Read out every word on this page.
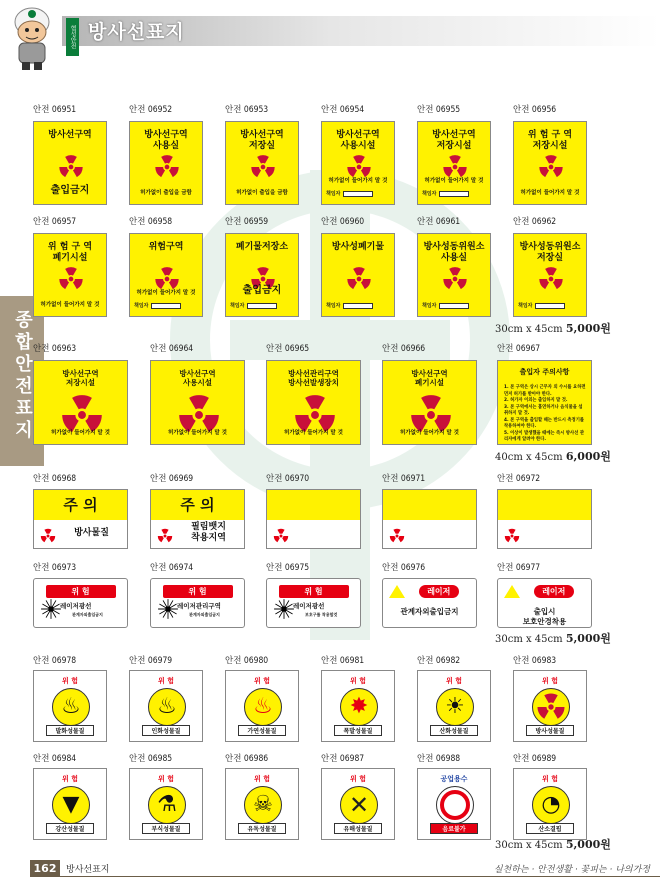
협성안전 방사선표지
종합안전표지
안전 06951
방사선구역
출입금지
안전 06952
방사선구역
사용실
허가없이 출입을 금함
안전 06953
방사선구역
저장실
허가없이 출입을 금함
안전 06954
방사선구역
사용시설
허가없이 들어가지 말 것
책임자
안전 06955
방사선구역
저장시설
허가없이 들어가지 말 것
책임자
안전 06956
위 험 구 역
저장시설
허가없이 들어가지 말 것
안전 06957
위 험 구 역
폐기시설
허가없이 들어가지 말 것
안전 06958
위험구역
허가없이 들어가지 말 것
책임자
안전 06959
폐기물저장소
출입금지
책임자
안전 06960
방사성폐기물
책임자
안전 06961
방사성동위원소
사용실
책임자
안전 06962
방사성동위원소
저장실
책임자
30cm x 45cm 5,000원
안전 06963
방사선구역
저장시설
허가없이 들어가지 말 것
안전 06964
방사선구역
사용시설
허가없이 들어가지 말 것
안전 06965
방사선관리구역
방사선발생장치
허가없이 들어가지 말 것
안전 06966
방사선구역
폐기시설
허가없이 들어가지 말 것
안전 06967
출입자 주의사항
1. 본 구역은 상시 근무자 외 수시를 요하면 먼저 허가를 받아야 한다.
2. 허가자 이외는 출입하지 말 것.
3. 본 구역에서는 흡연하거나 음식물을 섭취하지 말 것.
4. 본 구역을 출입할 때는 반드시 측정기를 착용하여야 한다.
5. 이상이 발생했을 때에는 즉시 방사선 관리자에게 알려야 한다.
40cm x 45cm 6,000원
안전 06968
주 의
방사물질
안전 06969
주 의
필림뱃지
착용지역
안전 06970	안전 06971	안전 06972
안전 06973
위 험
레이저광선
관계자외출입금지
안전 06974
위 험
레이저관리구역
관계자외출입금지
안전 06975
위 험
레이저광선
보호구를 착용할것
안전 06976
레이저
관계자외출입금지
안전 06977
레이저
출입시
보호안경착용
30cm x 45cm 5,000원
안전 06978
위 험
♨
발화성물질
안전 06979
위 험
♨
인화성물질
안전 06980
위 험
♨
가연성물질
안전 06981
위 험
✸
폭발성물질
안전 06982
위 험
☀
산화성물질
안전 06983
위 험
방사성물질
안전 06984
위 험
▼
강산성물질
안전 06985
위 험
⚗
부식성물질
안전 06986
위 험
☠
유독성물질
안전 06987
위 험
✕
유해성물질
안전 06988
공업용수
음료불가
안전 06989
위 험
◔
산소결핍
30cm x 45cm 5,000원
162	방사선표지	실천하는 · 안전생활 · 꽃피는 · 나의가정
